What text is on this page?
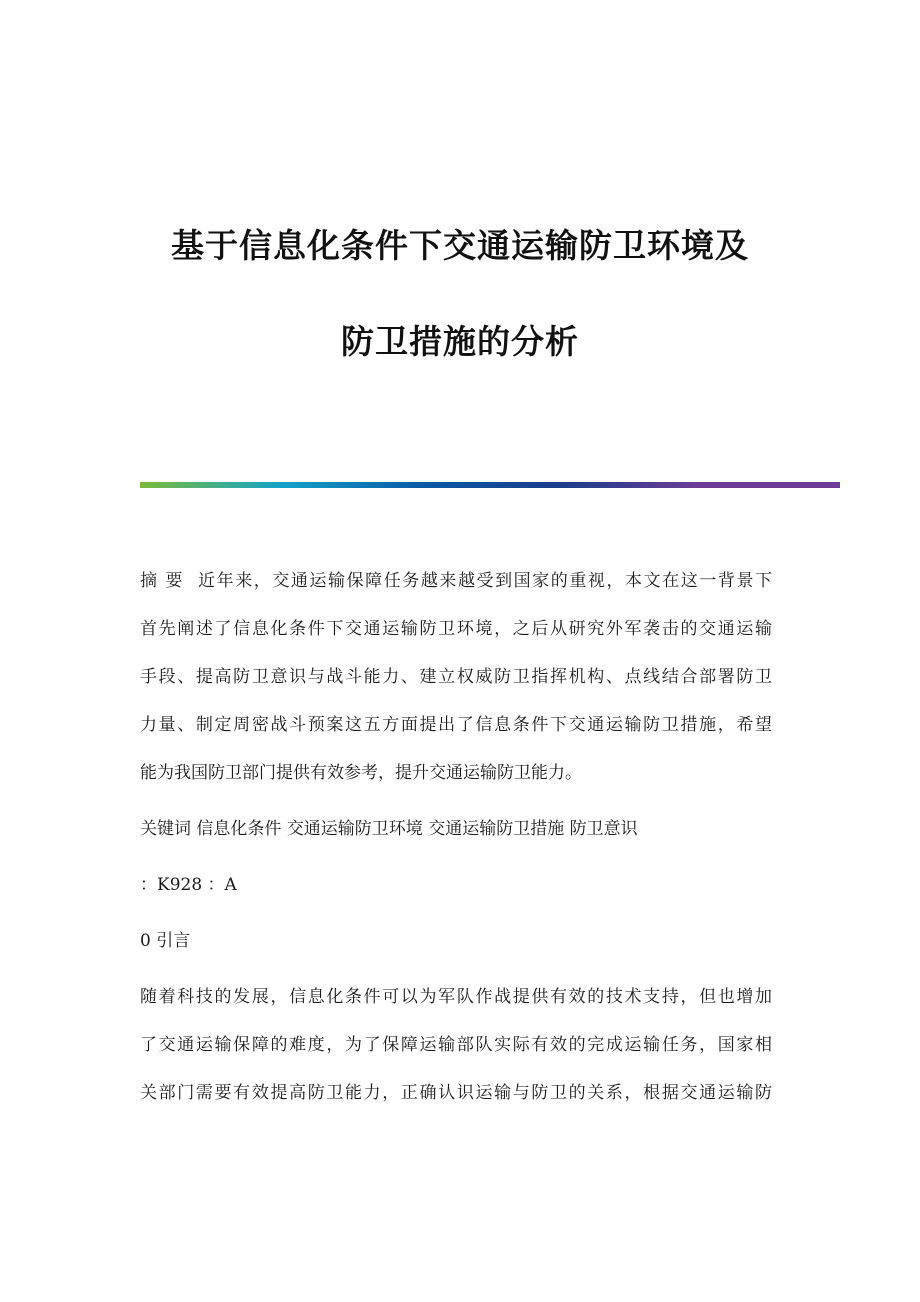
基于信息化条件下交通运输防卫环境及
防卫措施的分析
摘 要 近年来，交通运输保障任务越来越受到国家的重视，本文在这一背景下
首先阐述了信息化条件下交通运输防卫环境，之后从研究外军袭击的交通运输
手段、提高防卫意识与战斗能力、建立权威防卫指挥机构、点线结合部署防卫
力量、制定周密战斗预案这五方面提出了信息条件下交通运输防卫措施，希望
能为我国防卫部门提供有效参考，提升交通运输防卫能力。
关键词 信息化条件 交通运输防卫环境 交通运输防卫措施 防卫意识
：K928 ：A
0 引言
随着科技的发展，信息化条件可以为军队作战提供有效的技术支持，但也增加
了交通运输保障的难度，为了保障运输部队实际有效的完成运输任务，国家相
关部门需要有效提高防卫能力，正确认识运输与防卫的关系，根据交通运输防
